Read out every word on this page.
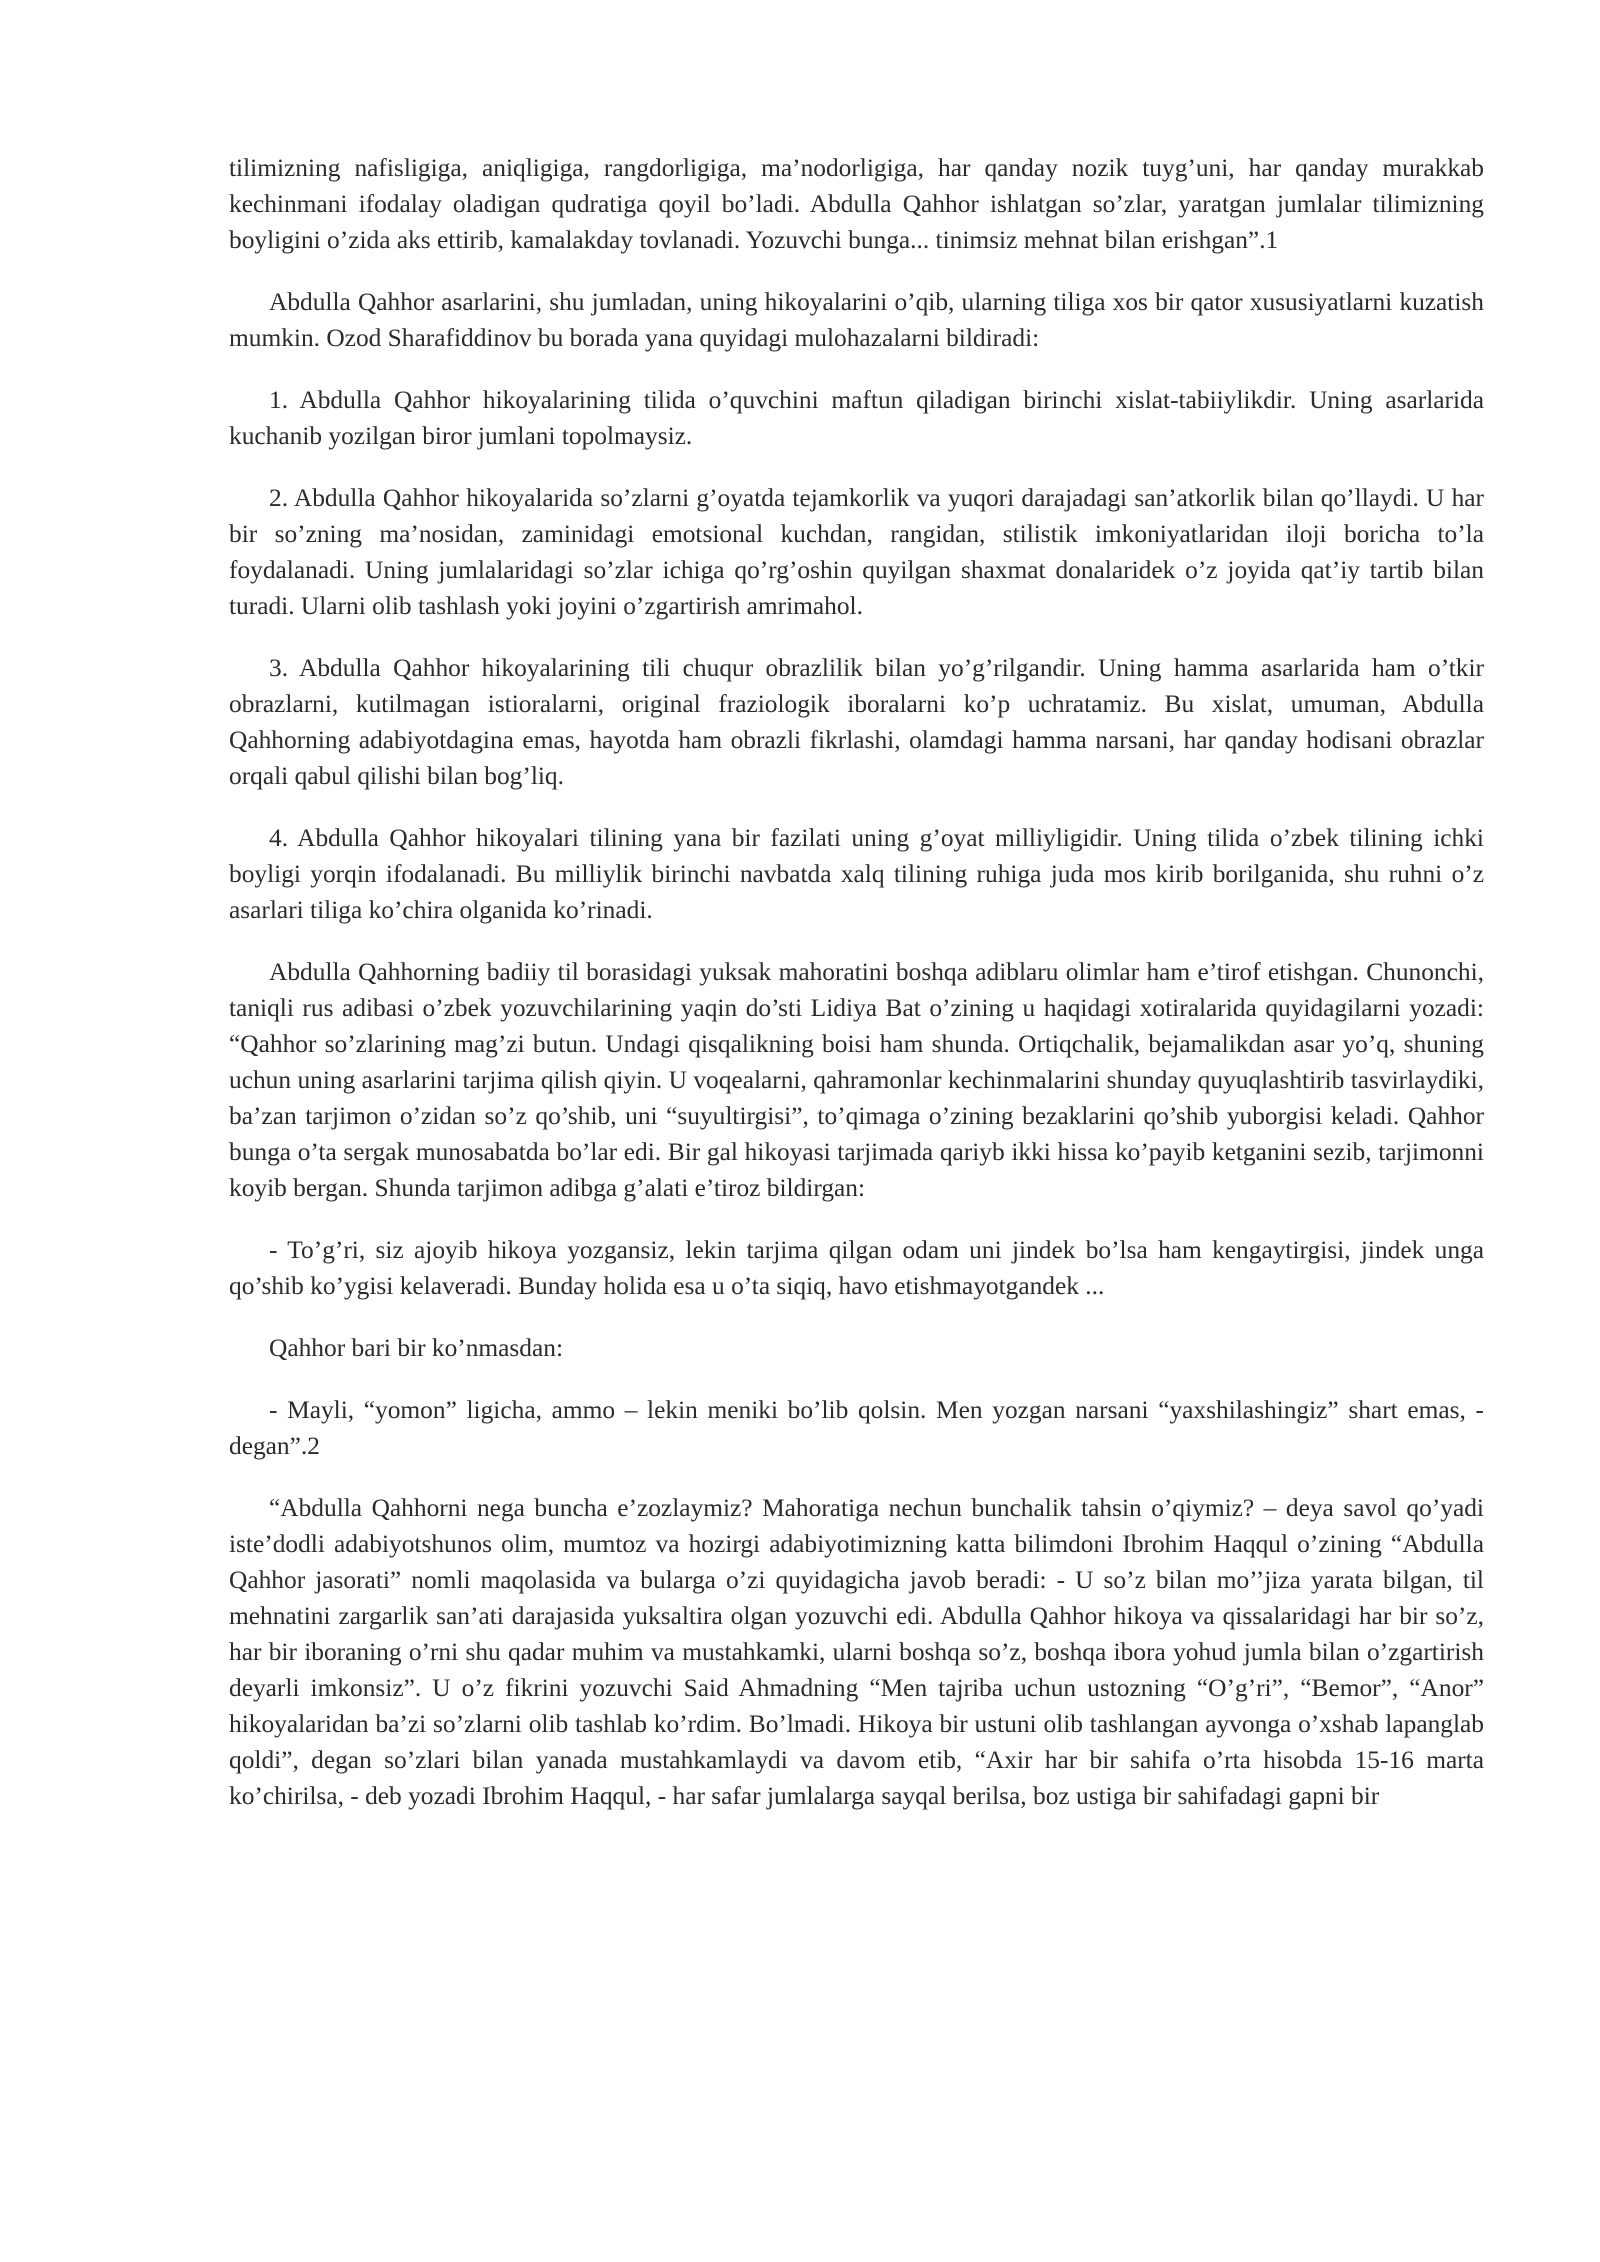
tilimizning nafisligiga, aniqligiga, rangdorligiga, ma’nodorligiga, har qanday nozik tuyg’uni, har qanday murakkab kechinmani ifodalay oladigan qudratiga qoyil bo’ladi. Abdulla Qahhor ishlatgan so’zlar, yaratgan jumlalar tilimizning boyligini o’zida aks ettirib, kamalakday tovlanadi. Yozuvchi bunga... tinimsiz mehnat bilan erishgan”.1

Abdulla Qahhor asarlarini, shu jumladan, uning hikoyalarini o’qib, ularning tiliga xos bir qator xususiyatlarni kuzatish mumkin. Ozod Sharafiddinov bu borada yana quyidagi mulohazalarni bildiradi:

1. Abdulla Qahhor hikoyalarining tilida o’quvchini maftun qiladigan birinchi xislat-tabiiylikdir. Uning asarlarida kuchanib yozilgan biror jumlani topolmaysiz.

2. Abdulla Qahhor hikoyalarida so’zlarni g’oyatda tejamkorlik va yuqori darajadagi san’atkorlik bilan qo’llaydi. U har bir so’zning ma’nosidan, zaminidagi emotsional kuchdan, rangidan, stilistik imkoniyatlaridan iloji boricha to’la foydalanadi. Uning jumlalaridagi so’zlar ichiga qo’rg’oshin quyilgan shaxmat donalaridek o’z joyida qat’iy tartib bilan turadi. Ularni olib tashlash yoki joyini o’zgartirish amrimahol.

3. Abdulla Qahhor hikoyalarining tili chuqur obrazlilik bilan yo’g’rilgandir. Uning hamma asarlarida ham o’tkir obrazlarni, kutilmagan istioralarni, original fraziologik iboralarni ko’p uchratamiz. Bu xislat, umuman, Abdulla Qahhorning adabiyotdagina emas, hayotda ham obrazli fikrlashi, olamdagi hamma narsani, har qanday hodisani obrazlar orqali qabul qilishi bilan bog’liq.

4. Abdulla Qahhor hikoyalari tilining yana bir fazilati uning g’oyat milliyligidir. Uning tilida o’zbek tilining ichki boyligi yorqin ifodalanadi. Bu milliylik birinchi navbatda xalq tilining ruhiga juda mos kirib borilganida, shu ruhni o’z asarlari tiliga ko’chira olganida ko’rinadi.

Abdulla Qahhorning badiiy til borasidagi yuksak mahoratini boshqa adiblaru olimlar ham e’tirof etishgan. Chunonchi, taniqli rus adibasi o’zbek yozuvchilarining yaqin do’sti Lidiya Bat o’zining u haqidagi xotiralarida quyidagilarni yozadi: “Qahhor so’zlarining mag’zi butun. Undagi qisqalikning boisi ham shunda. Ortiqchalik, bejamalikdan asar yo’q, shuning uchun uning asarlarini tarjima qilish qiyin. U voqealarni, qahramonlar kechinmalarini shunday quyuqlashtirib tasvirlaydiki, ba’zan tarjimon o’zidan so’z qo’shib, uni “suyultirgisi”, to’qimaga o’zining bezaklarini qo’shib yuborgisi keladi. Qahhor bunga o’ta sergak munosabatda bo’lar edi. Bir gal hikoyasi tarjimada qariyb ikki hissa ko’payib ketganini sezib, tarjimonni koyib bergan. Shunda tarjimon adibga g’alati e’tiroz bildirgan:

- To’g’ri, siz ajoyib hikoya yozgansiz, lekin tarjima qilgan odam uni jindek bo’lsa ham kengaytirgisi, jindek unga qo’shib ko’ygisi kelaveradi. Bunday holida esa u o’ta siqiq, havo etishmayotgandek ...

Qahhor bari bir ko’nmasdan:

- Mayli, “yomon” ligicha, ammo – lekin meniki bo’lib qolsin. Men yozgan narsani “yaxshilashingiz” shart emas, - degan”.2

“Abdulla Qahhorni nega buncha e’zozlaymiz? Mahoratiga nechun bunchalik tahsin o’qiymiz? – deya savol qo’yadi iste’dodli adabiyotshunos olim, mumtoz va hozirgi adabiyotimizning katta bilimdoni Ibrohim Haqqul o’zining “Abdulla Qahhor jasorati” nomli maqolasida va bularga o’zi quyidagicha javob beradi: - U so’z bilan mo’’jiza yarata bilgan, til mehnatini zargarlik san’ati darajasida yuksaltira olgan yozuvchi edi. Abdulla Qahhor hikoya va qissalaridagi har bir so’z, har bir iboraning o’rni shu qadar muhim va mustahkamki, ularni boshqa so’z, boshqa ibora yohud jumla bilan o’zgartirish deyarli imkonsiz”. U o’z fikrini yozuvchi Said Ahmadning “Men tajriba uchun ustozning “O’g’ri”, “Bemor”, “Anor” hikoyalaridan ba’zi so’zlarni olib tashlab ko’rdim. Bo’lmadi. Hikoya bir ustuni olib tashlangan ayvonga o’xshab lapanglab qoldi”, degan so’zlari bilan yanada mustahkamlaydi va davom etib, “Axir har bir sahifa o’rta hisobda 15-16 marta ko’chirilsa, - deb yozadi Ibrohim Haqqul, - har safar jumlalarga sayqal berilsa, boz ustiga bir sahifadagi gapni bir
